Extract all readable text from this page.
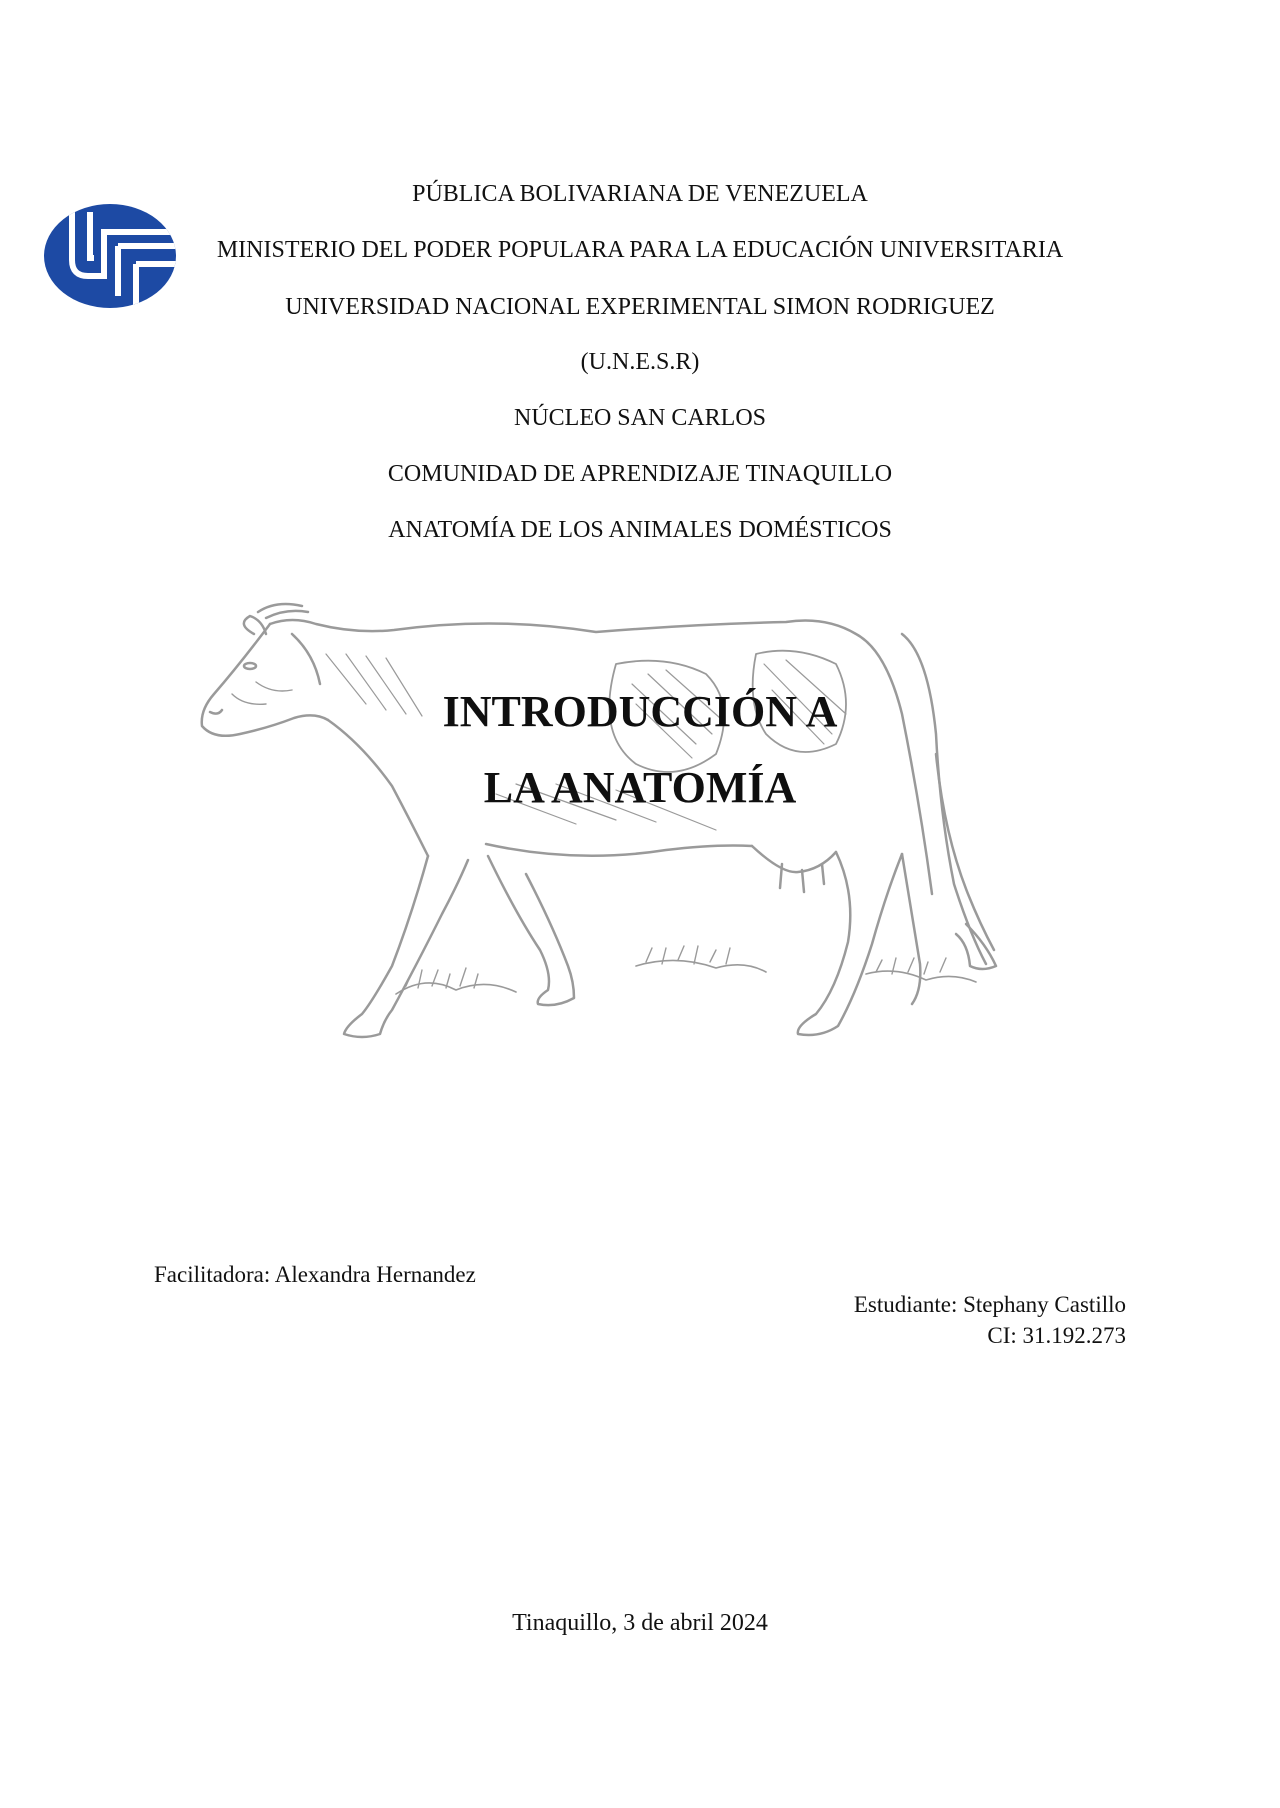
PÚBLICA BOLIVARIANA DE VENEZUELA
MINISTERIO DEL PODER POPULARA PARA LA EDUCACIÓN UNIVERSITARIA
UNIVERSIDAD NACIONAL EXPERIMENTAL SIMON RODRIGUEZ
(U.N.E.S.R)
NÚCLEO SAN CARLOS
COMUNIDAD DE APRENDIZAJE TINAQUILLO
ANATOMÍA DE LOS ANIMALES DOMÉSTICOS
INTRODUCCIÓN A
LA ANATOMÍA
Facilitadora: Alexandra Hernandez
Estudiante: Stephany Castillo
CI: 31.192.273
Tinaquillo, 3 de abril 2024
